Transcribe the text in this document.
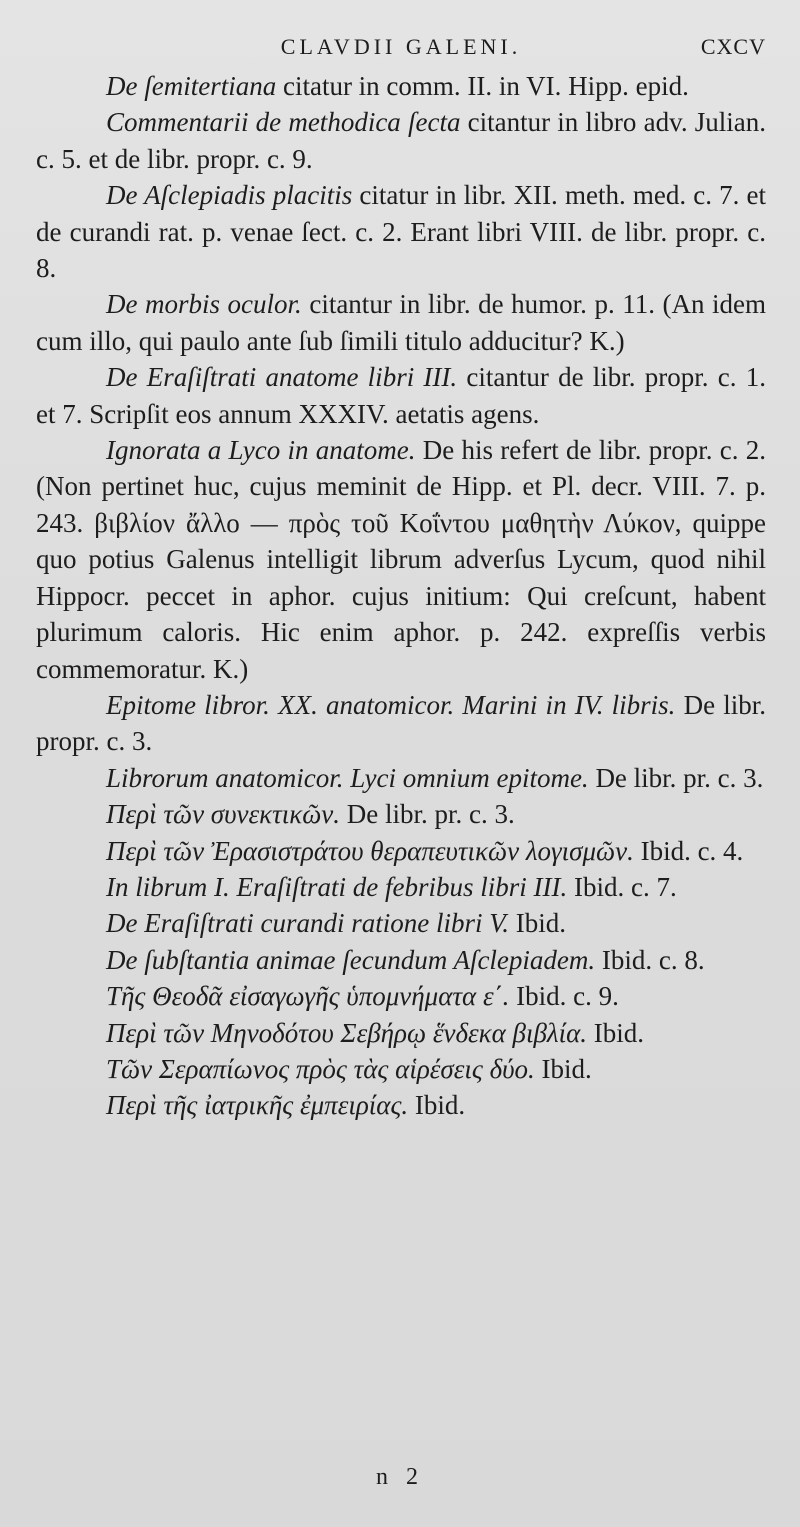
CLAVDII GALENI.	CXCV

De ſemitertiana citatur in comm. II. in VI. Hipp. epid.

Commentarii de methodica ſecta citantur in libro adv. Julian. c. 5. et de libr. propr. c. 9.

De Aſclepiadis placitis citatur in libr. XII. meth. med. c. 7. et de curandi rat. p. venae ſect. c. 2. Erant libri VIII. de libr. propr. c. 8.

De morbis oculor. citantur in libr. de humor. p. 11. (An idem cum illo, qui paulo ante ſub ſimili titulo adducitur? K.)

De Eraſiſtrati anatome libri III. citantur de libr. propr. c. 1. et 7. Scripſit eos annum XXXIV. aetatis agens.

Ignorata a Lyco in anatome. De his refert de libr. propr. c. 2. (Non pertinet huc, cujus meminit de Hipp. et Pl. decr. VIII. 7. p. 243. βιβλίον ἄλλο — πρὸς τοῦ Κοΐντου μαθητὴν Λύκον, quippe quo potius Galenus intelligit librum adverſus Lycum, quod nihil Hippocr. peccet in aphor. cujus initium: Qui creſcunt, habent plurimum caloris. Hic enim aphor. p. 242. expreſſis verbis commemoratur. K.)

Epitome libror. XX. anatomicor. Marini in IV. libris. De libr. propr. c. 3.

Librorum anatomicor. Lyci omnium epitome. De libr. pr. c. 3.

Περὶ τῶν συνεκτικῶν. De libr. pr. c. 3.

Περὶ τῶν Ἐρασιστράτου θεραπευτικῶν λογισμῶν. Ibid. c. 4.

In librum I. Eraſiſtrati de febribus libri III. Ibid. c. 7.

De Eraſiſtrati curandi ratione libri V. Ibid.

De ſubſtantia animae ſecundum Aſclepiadem. Ibid. c. 8.

Τῆς Θεοδᾶ εἰσαγωγῆς ὑπομνήματα ε΄. Ibid. c. 9.

Περὶ τῶν Μηνοδότου Σεβήρῳ ἕνδεκα βιβλία. Ibid.

Τῶν Σεραπίωνος πρὸς τὰς αἱρέσεις δύο. Ibid.

Περὶ τῆς ἰατρικῆς ἐμπειρίας. Ibid.

n 2
